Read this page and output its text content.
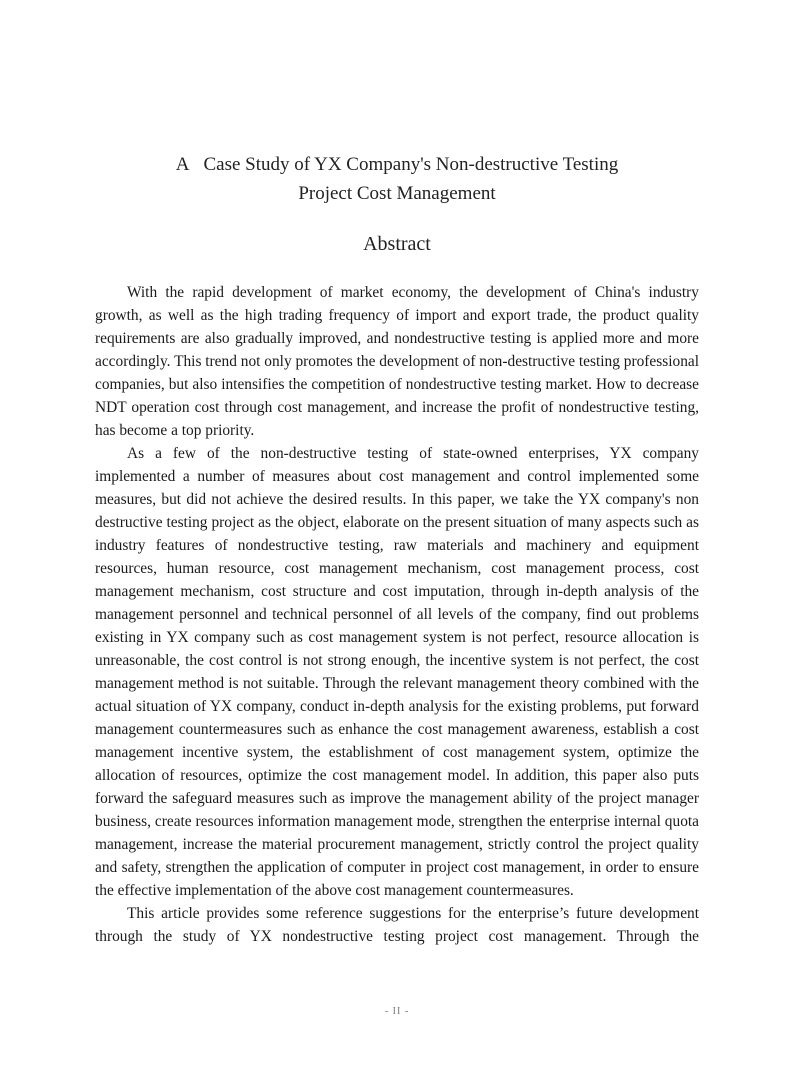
A Case Study of YX Company's Non-destructive Testing
Project Cost Management
Abstract

With the rapid development of market economy, the development of China's industry growth, as well as the high trading frequency of import and export trade, the product quality requirements are also gradually improved, and nondestructive testing is applied more and more accordingly. This trend not only promotes the development of non-destructive testing professional companies, but also intensifies the competition of nondestructive testing market. How to decrease NDT operation cost through cost management, and increase the profit of nondestructive testing, has become a top priority.

As a few of the non-destructive testing of state-owned enterprises, YX company implemented a number of measures about cost management and control implemented some measures, but did not achieve the desired results. In this paper, we take the YX company's non destructive testing project as the object, elaborate on the present situation of many aspects such as industry features of nondestructive testing, raw materials and machinery and equipment resources, human resource, cost management mechanism, cost management process, cost management mechanism, cost structure and cost imputation, through in-depth analysis of the management personnel and technical personnel of all levels of the company, find out problems existing in YX company such as cost management system is not perfect, resource allocation is unreasonable, the cost control is not strong enough, the incentive system is not perfect, the cost management method is not suitable. Through the relevant management theory combined with the actual situation of YX company, conduct in-depth analysis for the existing problems, put forward management countermeasures such as enhance the cost management awareness, establish a cost management incentive system, the establishment of cost management system, optimize the allocation of resources, optimize the cost management model. In addition, this paper also puts forward the safeguard measures such as improve the management ability of the project manager business, create resources information management mode, strengthen the enterprise internal quota management, increase the material procurement management, strictly control the project quality and safety, strengthen the application of computer in project cost management, in order to ensure the effective implementation of the above cost management countermeasures.

This article provides some reference suggestions for the enterprise’s future development through the study of YX nondestructive testing project cost management. Through the

- II -
